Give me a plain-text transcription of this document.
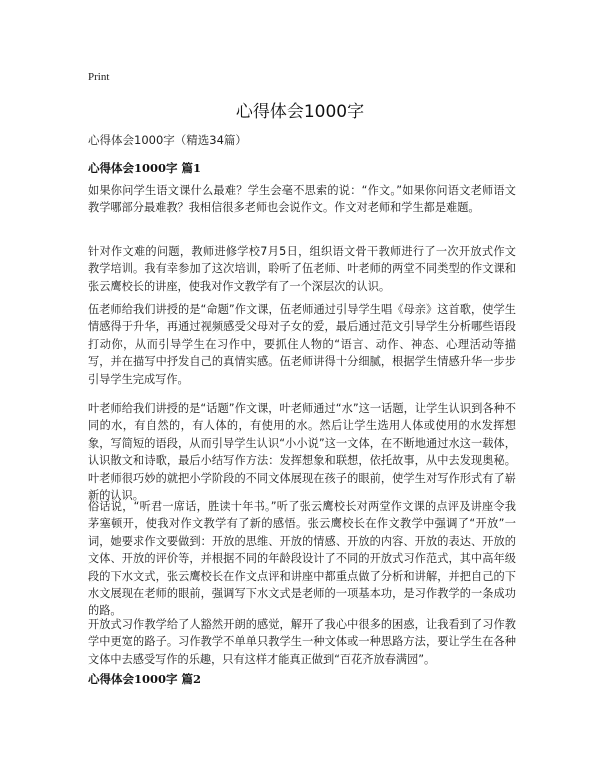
Print
心得体会1000字

心得体会1000字（精选34篇）

心得体会1000字 篇1

如果你问学生语文课什么最难？学生会毫不思索的说：“作文。”如果你问语文老师语文教学哪部分最难教？我相信很多老师也会说作文。作文对老师和学生都是难题。

针对作文难的问题，教师进修学校7月5日，组织语文骨干教师进行了一次开放式作文教学培训。我有幸参加了这次培训，聆听了伍老师、叶老师的两堂不同类型的作文课和张云鹰校长的讲座，使我对作文教学有了一个深层次的认识。

伍老师给我们讲授的是“命题”作文课，伍老师通过引导学生唱《母亲》这首歌，使学生情感得于升华，再通过视频感受父母对子女的爱，最后通过范文引导学生分析哪些语段打动你，从而引导学生在习作中，要抓住人物的“语言、动作、神态、心理活动等描写，并在描写中抒发自己的真情实感。伍老师讲得十分细腻，根据学生情感升华一步步引导学生完成写作。

叶老师给我们讲授的是“话题”作文课，叶老师通过“水”这一话题，让学生认识到各种不同的水，有自然的，有人体的，有使用的水。然后让学生选用人体或使用的水发挥想象，写简短的语段，从而引导学生认识“小小说”这一文体，在不断地通过水这一载体，认识散文和诗歌，最后小结写作方法：发挥想象和联想，依托故事，从中去发现奥秘。叶老师很巧妙的就把小学阶段的不同文体展现在孩子的眼前，使学生对写作形式有了崭新的认识。

俗话说，“听君一席话，胜读十年书。”听了张云鹰校长对两堂作文课的点评及讲座令我茅塞顿开，使我对作文教学有了新的感悟。张云鹰校长在作文教学中强调了“开放”一词，她要求作文要做到：开放的思维、开放的情感、开放的内容、开放的表达、开放的文体、开放的评价等，并根据不同的年龄段设计了不同的开放式习作范式，其中高年级段的下水文式，张云鹰校长在作文点评和讲座中都重点做了分析和讲解，并把自己的下水文展现在老师的眼前，强调写下水文式是老师的一项基本功，是习作教学的一条成功的路。

开放式习作教学给了人豁然开朗的感觉，解开了我心中很多的困惑，让我看到了习作教学中更宽的路子。习作教学不单单只教学生一种文体或一种思路方法，要让学生在各种文体中去感受写作的乐趣，只有这样才能真正做到“百花齐放春满园”。

心得体会1000字 篇2
